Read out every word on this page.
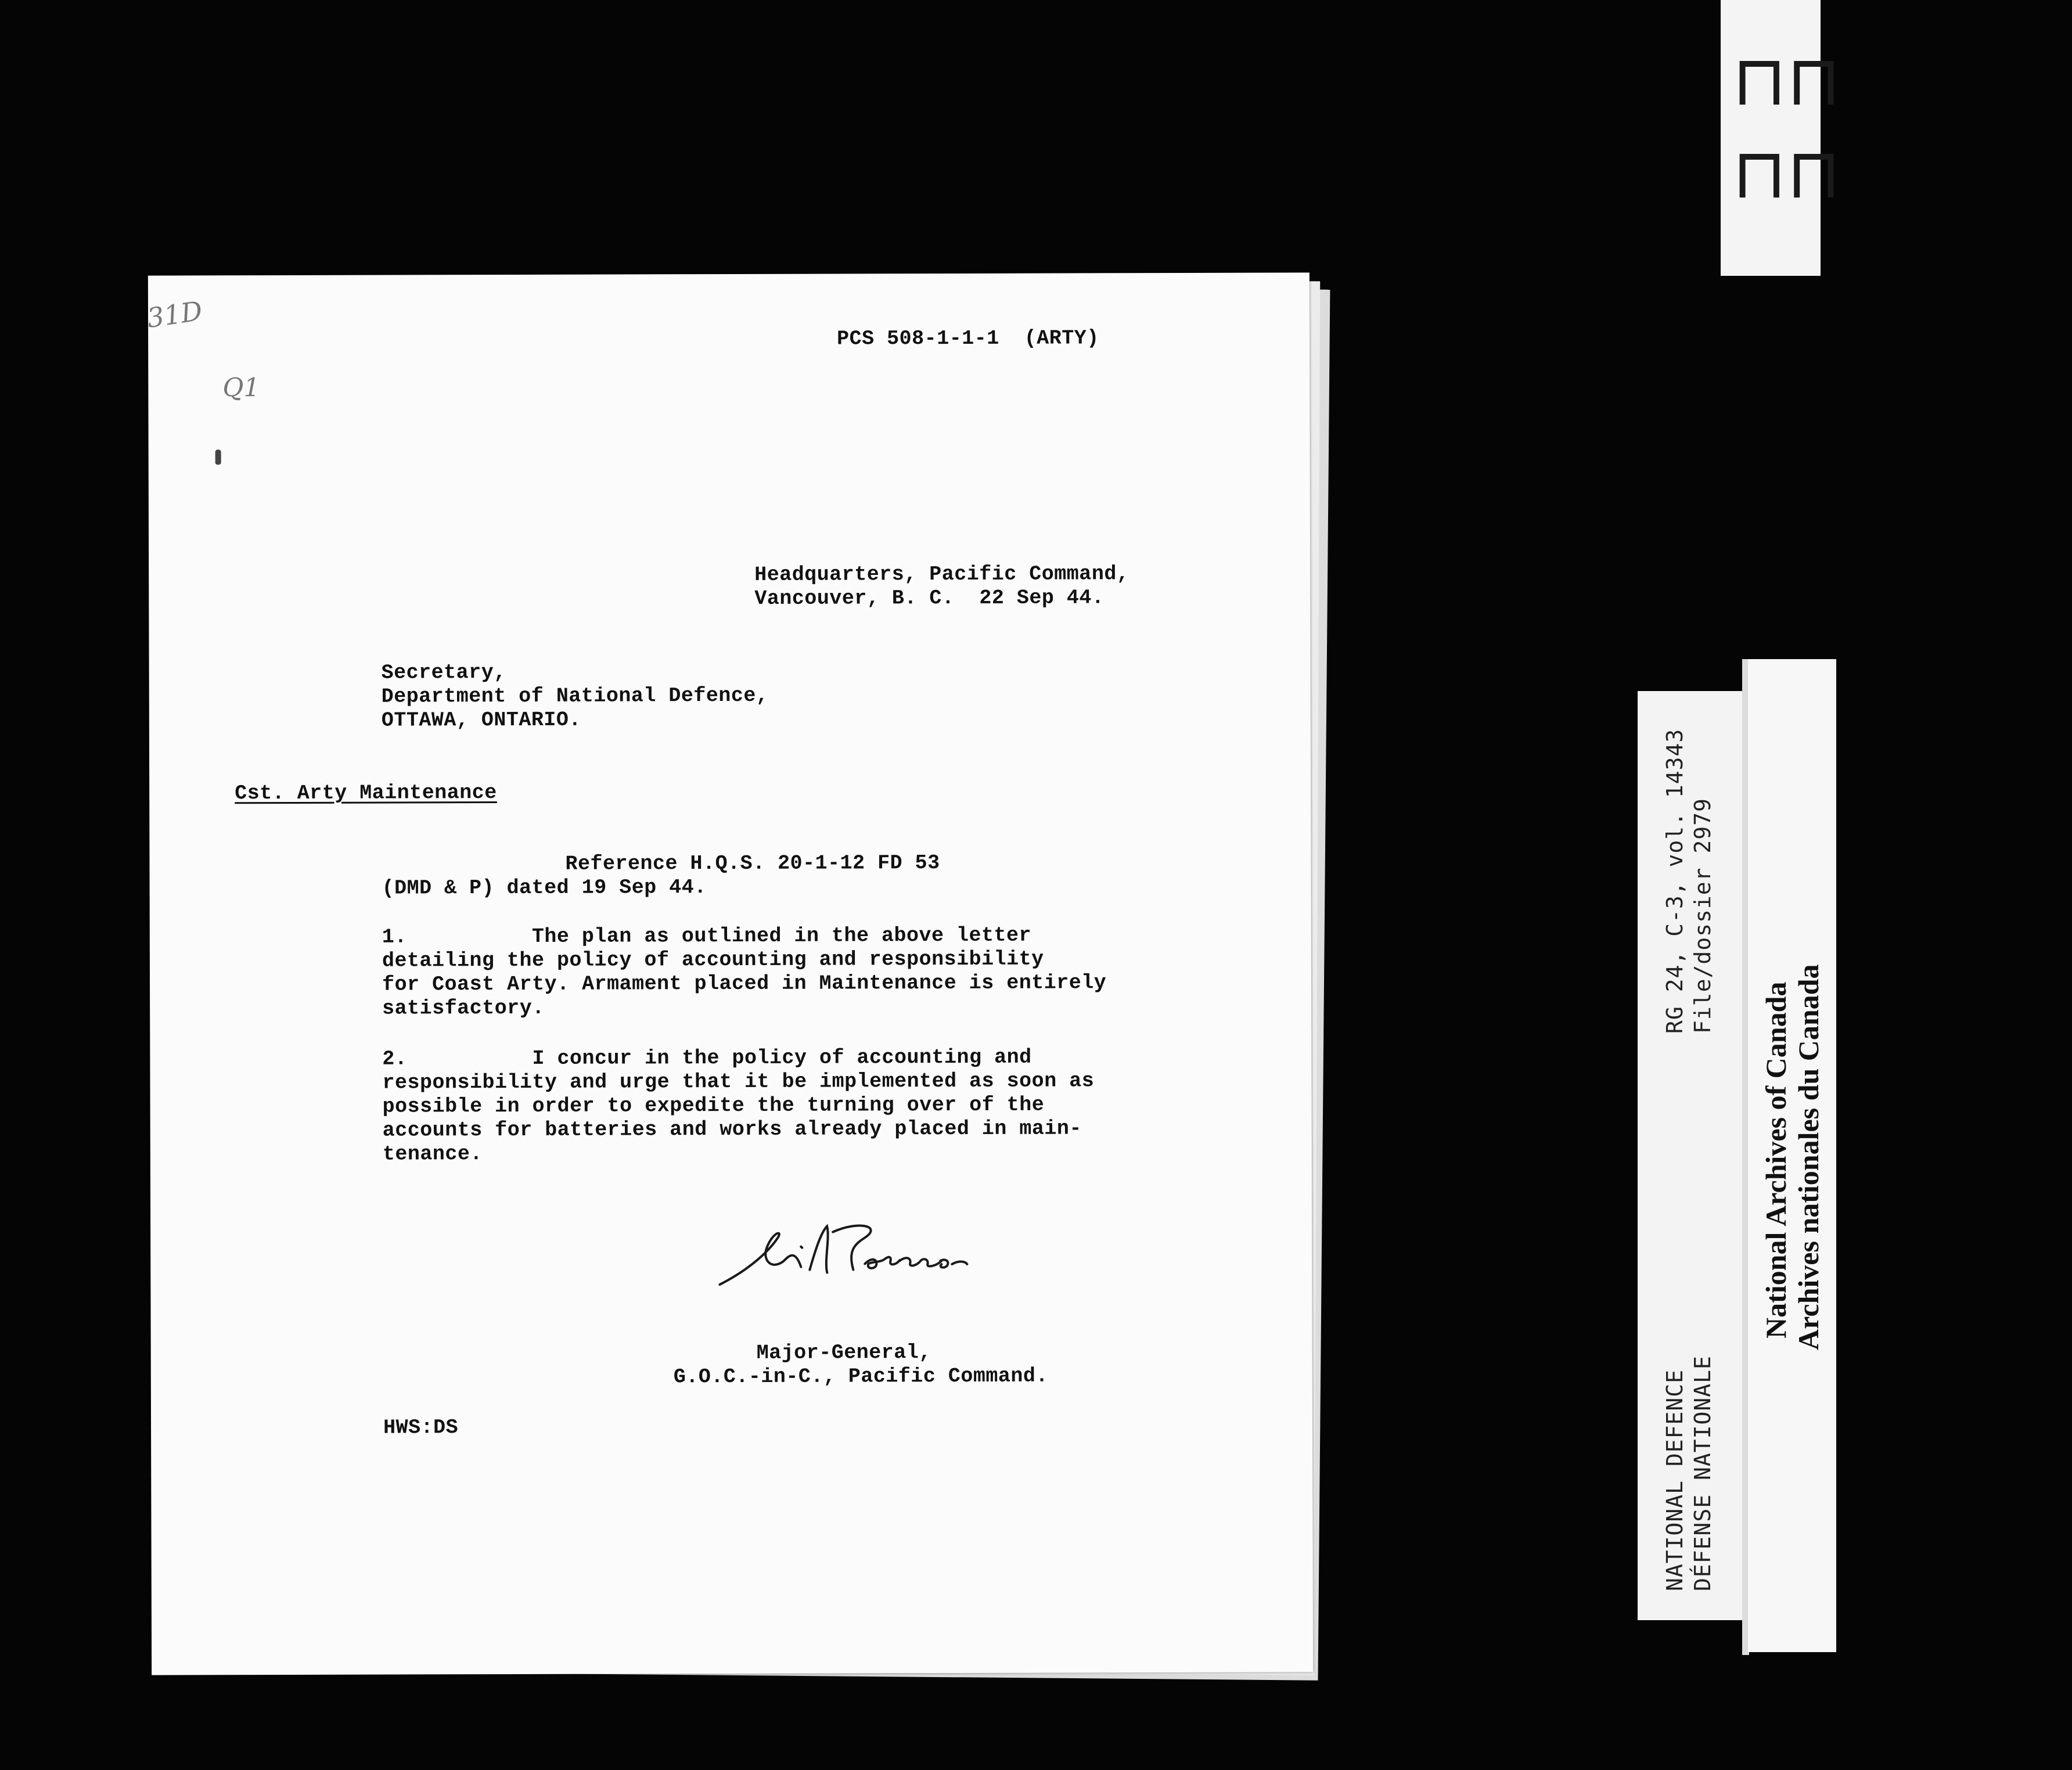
31D
Q1
PCS 508-1-1-1  (ARTY)
Headquarters, Pacific Command,
Vancouver, B. C.  22 Sep 44.
Secretary,
Department of National Defence,
OTTAWA, ONTARIO.
Cst. Arty Maintenance
Reference H.Q.S. 20-1-12 FD 53
(DMD & P) dated 19 Sep 44.
1.          The plan as outlined in the above letter
detailing the policy of accounting and responsibility
for Coast Arty. Armament placed in Maintenance is entirely
satisfactory.
2.          I concur in the policy of accounting and
responsibility and urge that it be implemented as soon as
possible in order to expedite the turning over of the
accounts for batteries and works already placed in main-
tenance.
Major-General,
G.O.C.-in-C., Pacific Command.
HWS:DS
⊓⊓
⊓⊓
RG 24, C-3, vol. 14343 File/dossier 2979
NATIONAL DEFENCE DÉFENSE NATIONALE
National Archives of Canada Archives nationales du Canada
